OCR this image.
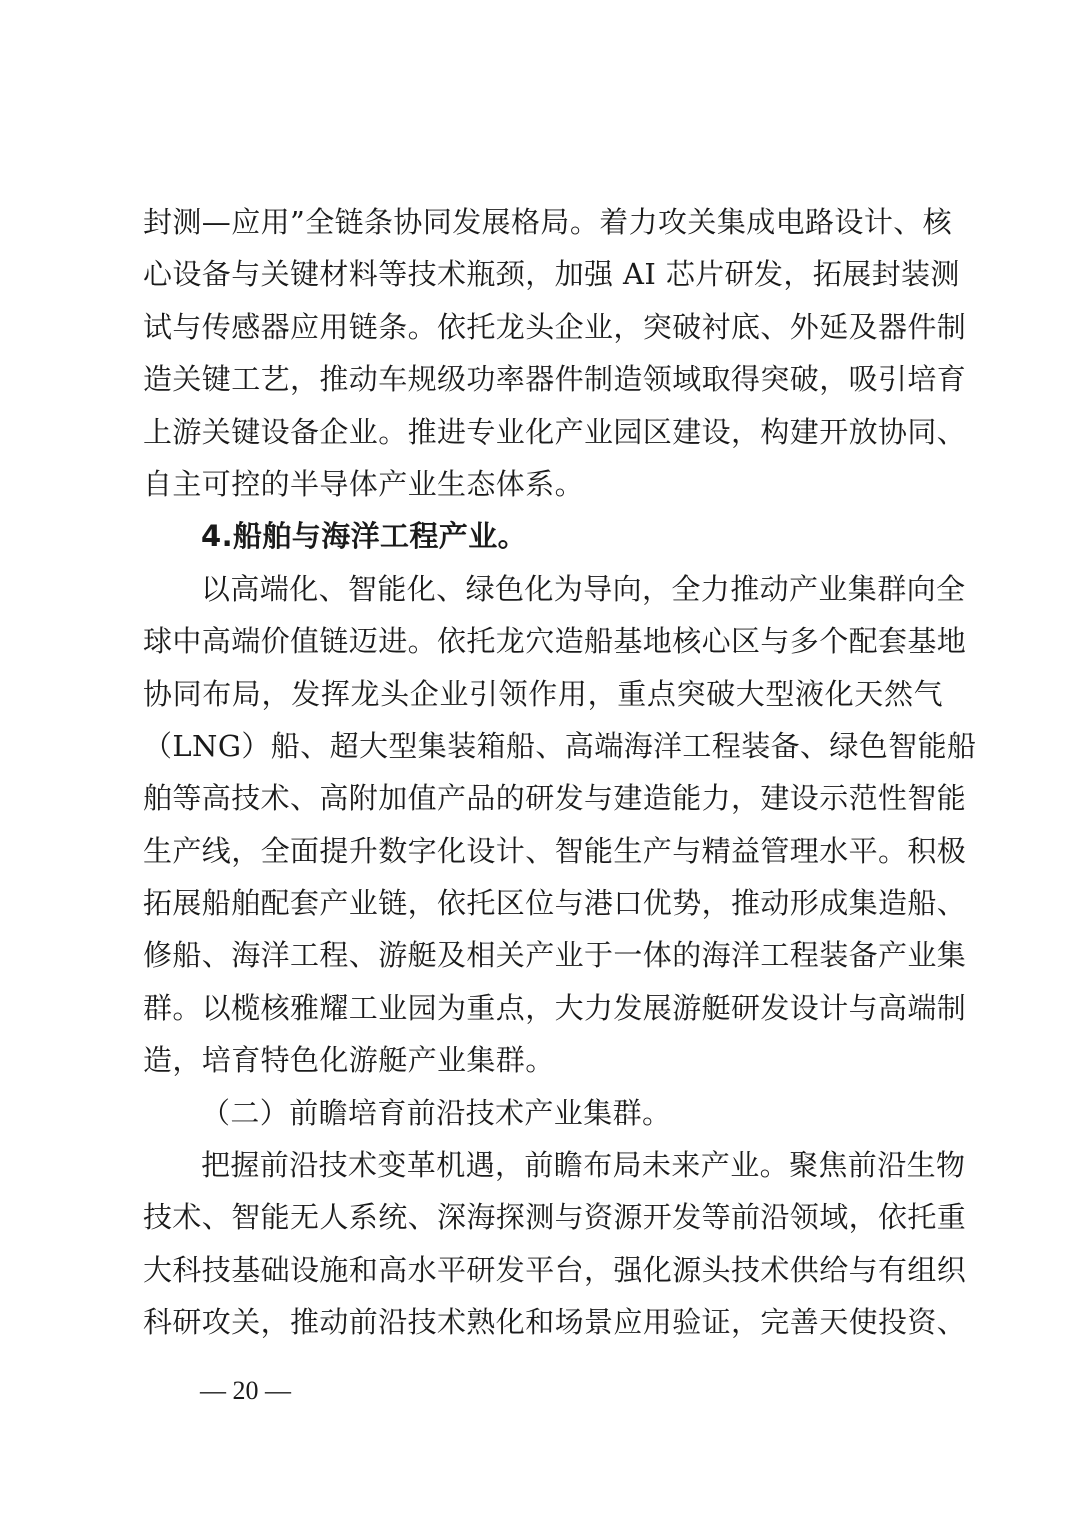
封测—应用”全链条协同发展格局。着力攻关集成电路设计、核
心设备与关键材料等技术瓶颈，加强 AI 芯片研发，拓展封装测
试与传感器应用链条。依托龙头企业，突破衬底、外延及器件制
造关键工艺，推动车规级功率器件制造领域取得突破，吸引培育
上游关键设备企业。推进专业化产业园区建设，构建开放协同、
自主可控的半导体产业生态体系。
4.船舶与海洋工程产业。
以高端化、智能化、绿色化为导向，全力推动产业集群向全
球中高端价值链迈进。依托龙穴造船基地核心区与多个配套基地
协同布局，发挥龙头企业引领作用，重点突破大型液化天然气
（LNG）船、超大型集装箱船、高端海洋工程装备、绿色智能船
舶等高技术、高附加值产品的研发与建造能力，建设示范性智能
生产线，全面提升数字化设计、智能生产与精益管理水平。积极
拓展船舶配套产业链，依托区位与港口优势，推动形成集造船、
修船、海洋工程、游艇及相关产业于一体的海洋工程装备产业集
群。以榄核雅耀工业园为重点，大力发展游艇研发设计与高端制
造，培育特色化游艇产业集群。
（二）前瞻培育前沿技术产业集群。
把握前沿技术变革机遇，前瞻布局未来产业。聚焦前沿生物
技术、智能无人系统、深海探测与资源开发等前沿领域，依托重
大科技基础设施和高水平研发平台，强化源头技术供给与有组织
科研攻关，推动前沿技术熟化和场景应用验证，完善天使投资、
— 20 —
